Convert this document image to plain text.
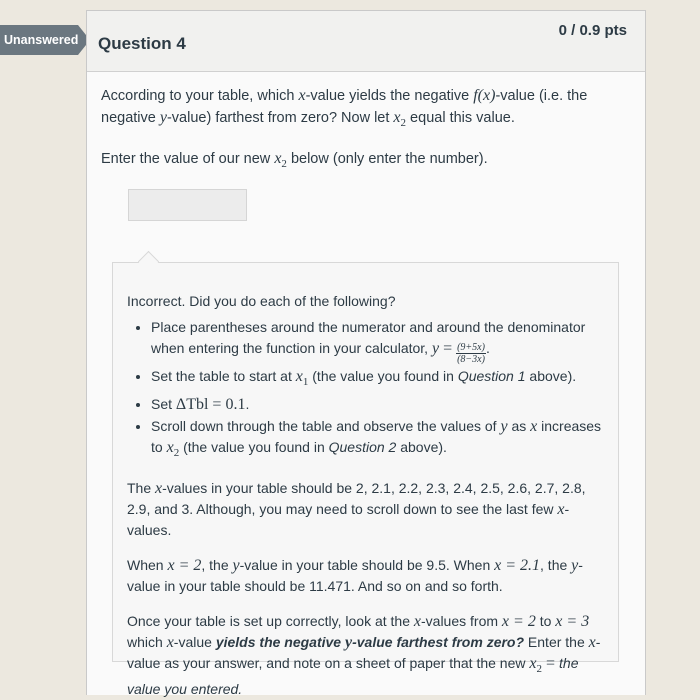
Unanswered Question 4
0 / 0.9 pts

According to your table, which x-value yields the negative f(x)-value (i.e. the negative y-value) farthest from zero? Now let $x_2$ equal this value.

Enter the value of our new $x_2$ below (only enter the number).

Incorrect. Did you do each of the following?

• Place parentheses around the numerator and around the denominator when entering the function in your calculator, $y = \frac{(9+5x)}{(8-3x)}$ .
• Set the table to start at $x_1$ (the value you found in Question 1 above).
• Set ΔTbl = 0.1.
• Scroll down through the table and observe the values of y as x increases to $x_2$ (the value you found in Question 2 above).

The x-values in your table should be 2, 2.1, 2.2, 2.3, 2.4, 2.5, 2.6, 2.7, 2.8, 2.9, and 3. Although, you may need to scroll down to see the last few x-values.

When x = 2, the y-value in your table should be 9.5. When x = 2.1, the y-value in your table should be 11.471. And so on and so forth.

Once your table is set up correctly, look at the x-values from x = 2 to x = 3 which x-value yields the negative y-value farthest from zero? Enter the x-value as your answer, and note on a sheet of paper that the new $x_2$ = the value you entered.
